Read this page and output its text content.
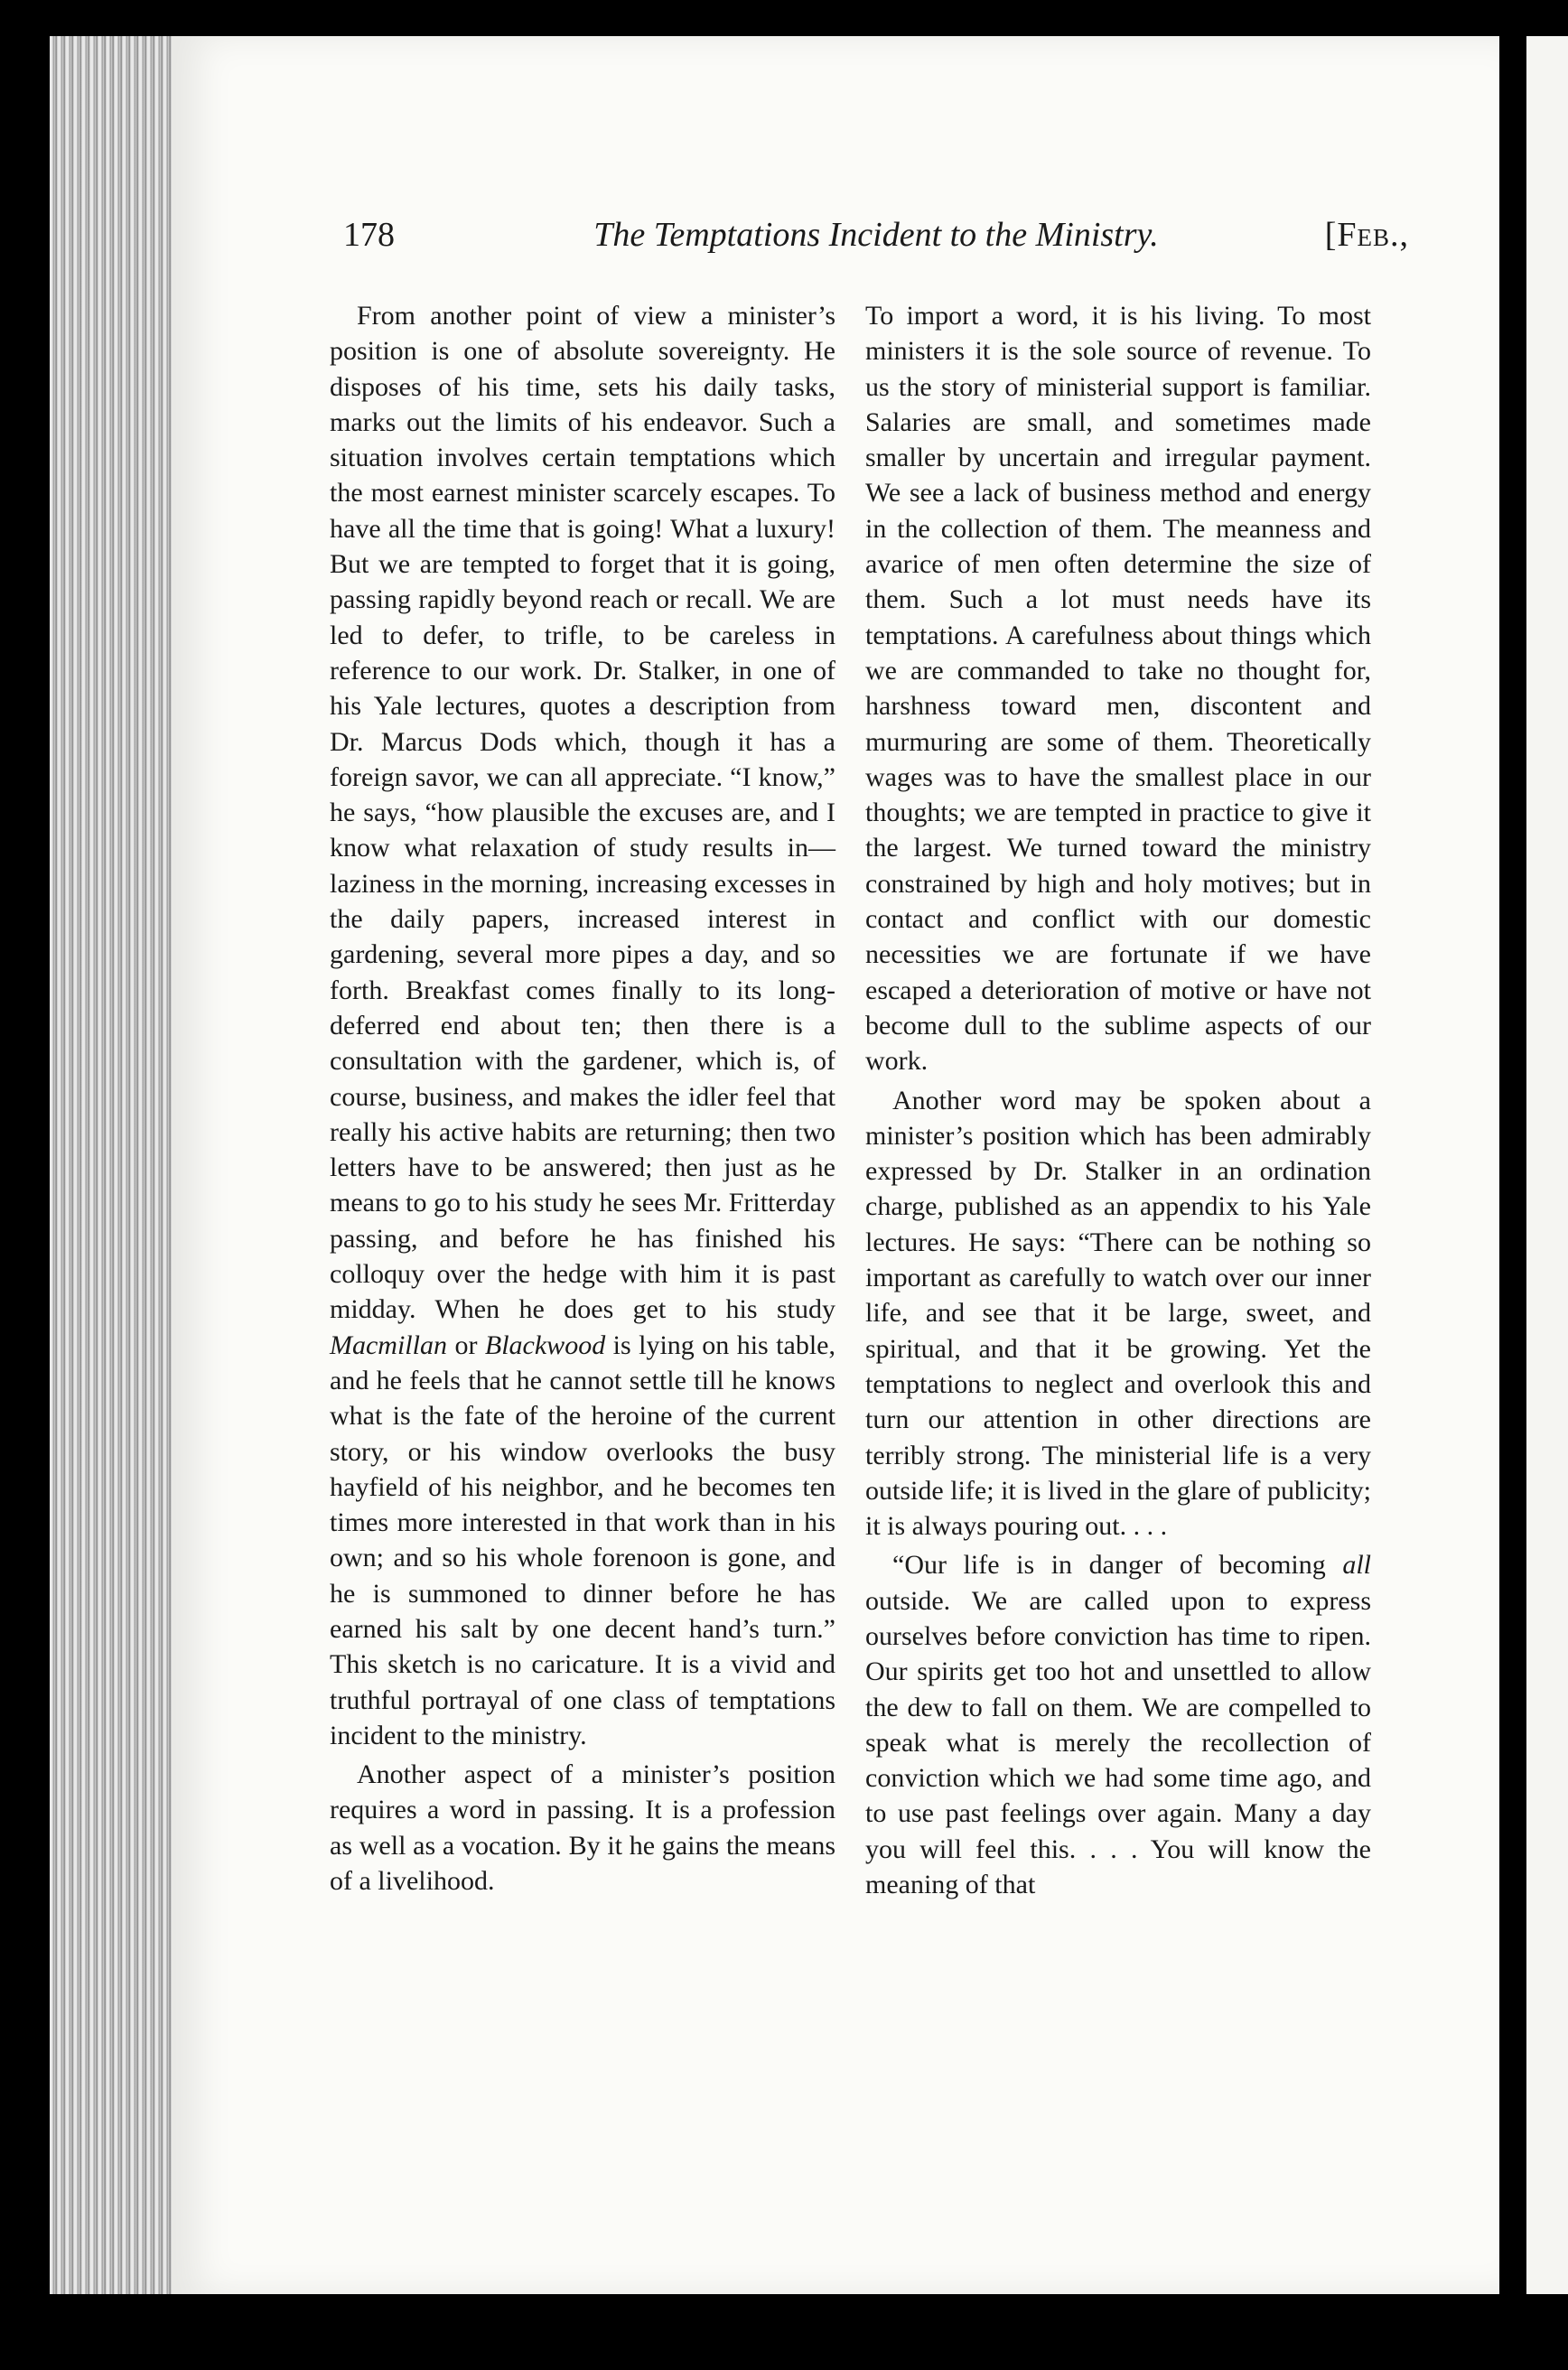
178	The Temptations Incident to the Ministry.	[Feb.,

From another point of view a minister’s position is one of absolute sovereignty. He disposes of his time, sets his daily tasks, marks out the limits of his endeavor. Such a situation involves certain temptations which the most earnest minister scarcely escapes. To have all the time that is going! What a luxury! But we are tempted to forget that it is going, passing rapidly beyond reach or recall. We are led to defer, to trifle, to be careless in reference to our work. Dr. Stalker, in one of his Yale lectures, quotes a description from Dr. Marcus Dods which, though it has a foreign savor, we can all appreciate. “I know,” he says, “how plausible the excuses are, and I know what relaxation of study results in—laziness in the morning, increasing excesses in the daily papers, increased interest in gardening, several more pipes a day, and so forth. Breakfast comes finally to its long-deferred end about ten; then there is a consultation with the gardener, which is, of course, business, and makes the idler feel that really his active habits are returning; then two letters have to be answered; then just as he means to go to his study he sees Mr. Fritterday passing, and before he has finished his colloquy over the hedge with him it is past midday. When he does get to his study Macmillan or Blackwood is lying on his table, and he feels that he cannot settle till he knows what is the fate of the heroine of the current story, or his window overlooks the busy hayfield of his neighbor, and he becomes ten times more interested in that work than in his own; and so his whole forenoon is gone, and he is summoned to dinner before he has earned his salt by one decent hand’s turn.” This sketch is no caricature. It is a vivid and truthful portrayal of one class of temptations incident to the ministry.

Another aspect of a minister’s position requires a word in passing. It is a profession as well as a vocation. By it he gains the means of a livelihood.

To import a word, it is his living. To most ministers it is the sole source of revenue. To us the story of ministerial support is familiar. Salaries are small, and sometimes made smaller by uncertain and irregular payment. We see a lack of business method and energy in the collection of them. The meanness and avarice of men often determine the size of them. Such a lot must needs have its temptations. A carefulness about things which we are commanded to take no thought for, harshness toward men, discontent and murmuring are some of them. Theoretically wages was to have the smallest place in our thoughts; we are tempted in practice to give it the largest. We turned toward the ministry constrained by high and holy motives; but in contact and conflict with our domestic necessities we are fortunate if we have escaped a deterioration of motive or have not become dull to the sublime aspects of our work.

Another word may be spoken about a minister’s position which has been admirably expressed by Dr. Stalker in an ordination charge, published as an appendix to his Yale lectures. He says: “There can be nothing so important as carefully to watch over our inner life, and see that it be large, sweet, and spiritual, and that it be growing. Yet the temptations to neglect and overlook this and turn our attention in other directions are terribly strong. The ministerial life is a very outside life; it is lived in the glare of publicity; it is always pouring out. . . .

“Our life is in danger of becoming all outside. We are called upon to express ourselves before conviction has time to ripen. Our spirits get too hot and unsettled to allow the dew to fall on them. We are compelled to speak what is merely the recollection of conviction which we had some time ago, and to use past feelings over again. Many a day you will feel this. . . . You will know the meaning of that
